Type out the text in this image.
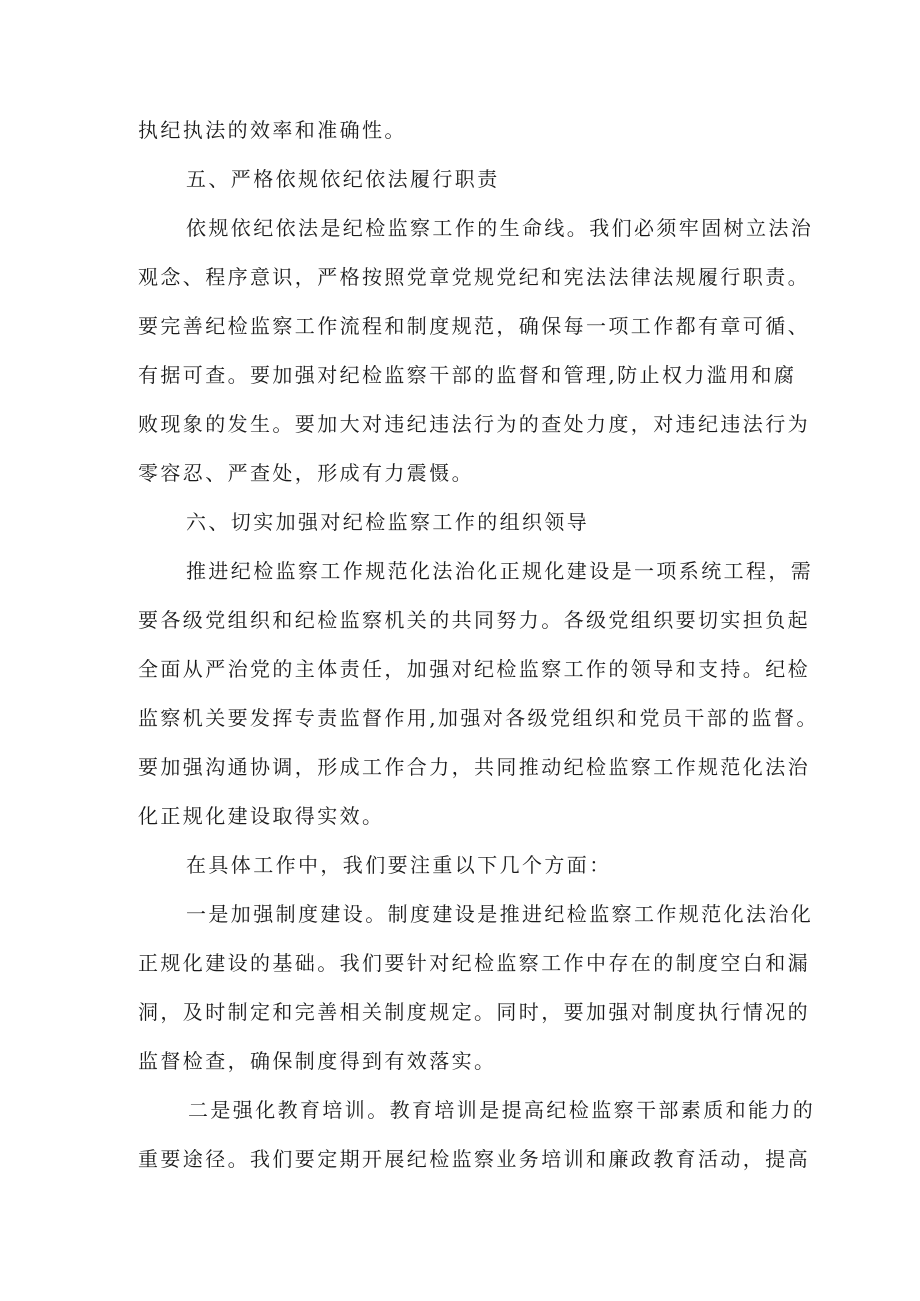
执纪执法的效率和准确性。
五、严格依规依纪依法履行职责
依规依纪依法是纪检监察工作的生命线。我们必须牢固树立法治
观念、程序意识，严格按照党章党规党纪和宪法法律法规履行职责。
要完善纪检监察工作流程和制度规范，确保每一项工作都有章可循、
有据可查。要加强对纪检监察干部的监督和管理,防止权力滥用和腐
败现象的发生。要加大对违纪违法行为的查处力度，对违纪违法行为
零容忍、严查处，形成有力震慑。
六、切实加强对纪检监察工作的组织领导
推进纪检监察工作规范化法治化正规化建设是一项系统工程，需
要各级党组织和纪检监察机关的共同努力。各级党组织要切实担负起
全面从严治党的主体责任，加强对纪检监察工作的领导和支持。纪检
监察机关要发挥专责监督作用,加强对各级党组织和党员干部的监督。
要加强沟通协调，形成工作合力，共同推动纪检监察工作规范化法治
化正规化建设取得实效。
在具体工作中，我们要注重以下几个方面：
一是加强制度建设。制度建设是推进纪检监察工作规范化法治化
正规化建设的基础。我们要针对纪检监察工作中存在的制度空白和漏
洞，及时制定和完善相关制度规定。同时，要加强对制度执行情况的
监督检查，确保制度得到有效落实。
二是强化教育培训。教育培训是提高纪检监察干部素质和能力的
重要途径。我们要定期开展纪检监察业务培训和廉政教育活动，提高
